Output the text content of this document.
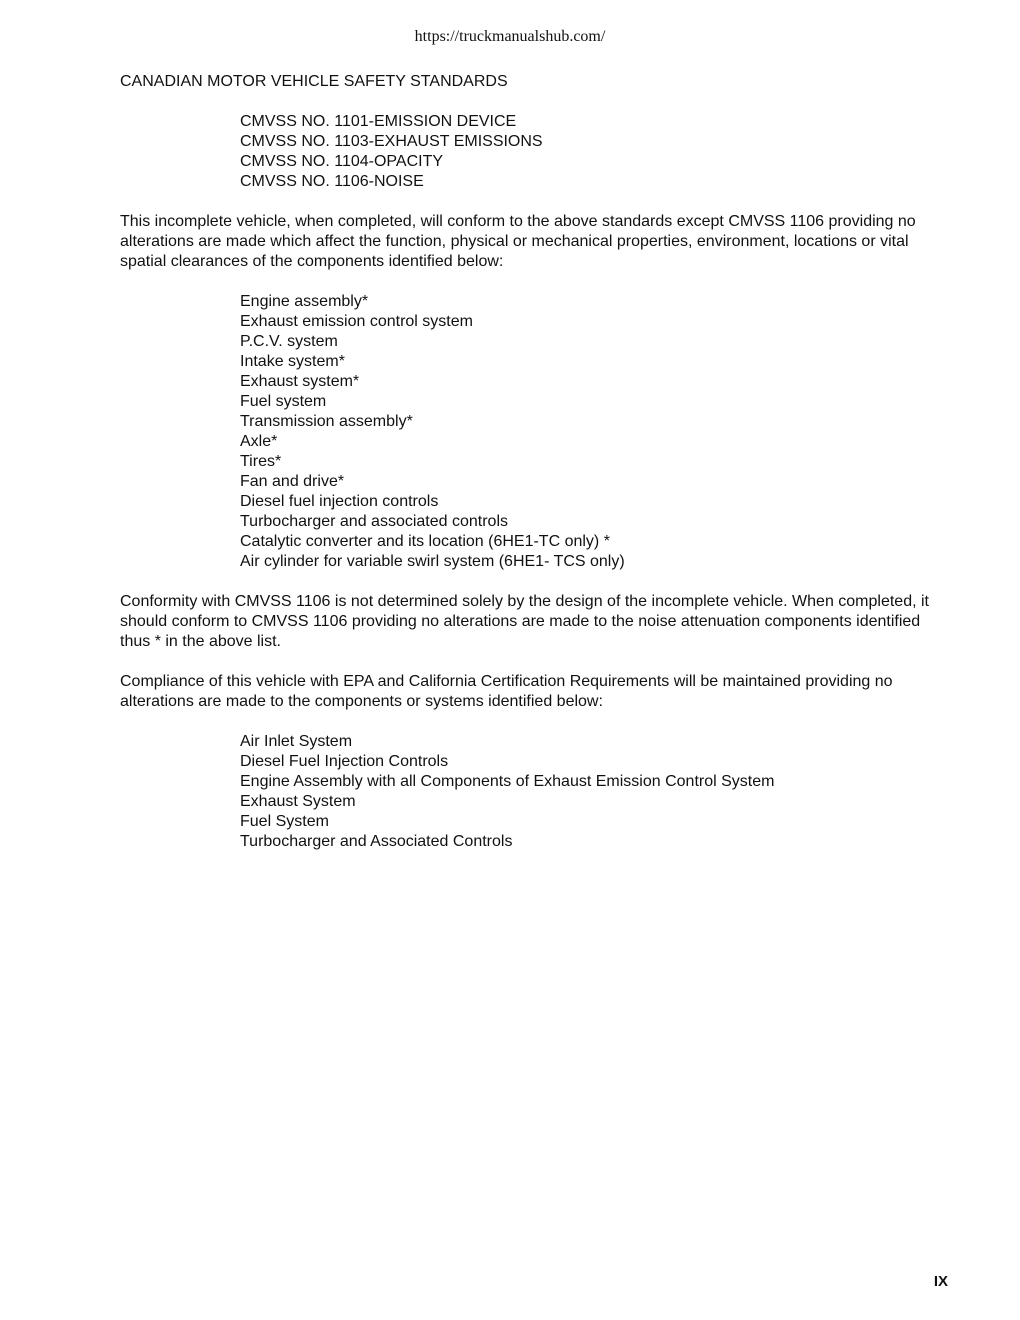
https://truckmanualshub.com/
CANADIAN MOTOR VEHICLE SAFETY STANDARDS
CMVSS NO. 1101-EMISSION DEVICE
CMVSS NO. 1103-EXHAUST EMISSIONS
CMVSS NO. 1104-OPACITY
CMVSS NO. 1106-NOISE

This incomplete vehicle, when completed, will conform to the above standards except CMVSS 1106 providing no alterations are made which affect the function, physical or mechanical properties, environment, locations or vital spatial clearances of the components identified below:

Engine assembly*
Exhaust emission control system
P.C.V. system
Intake system*
Exhaust system*
Fuel system
Transmission assembly*
Axle*
Tires*
Fan and drive*
Diesel fuel injection controls
Turbocharger and associated controls
Catalytic converter and its location (6HE1-TC only) *
Air cylinder for variable swirl system (6HE1- TCS only)

Conformity with CMVSS 1106 is not determined solely by the design of the incomplete vehicle. When completed, it should conform to CMVSS 1106 providing no alterations are made to the noise attenuation components identified thus * in the above list.

Compliance of this vehicle with EPA and California Certification Requirements will be maintained providing no alterations are made to the components or systems identified below:

Air Inlet System
Diesel Fuel Injection Controls
Engine Assembly with all Components of Exhaust Emission Control System
Exhaust System
Fuel System
Turbocharger and Associated Controls
IX
